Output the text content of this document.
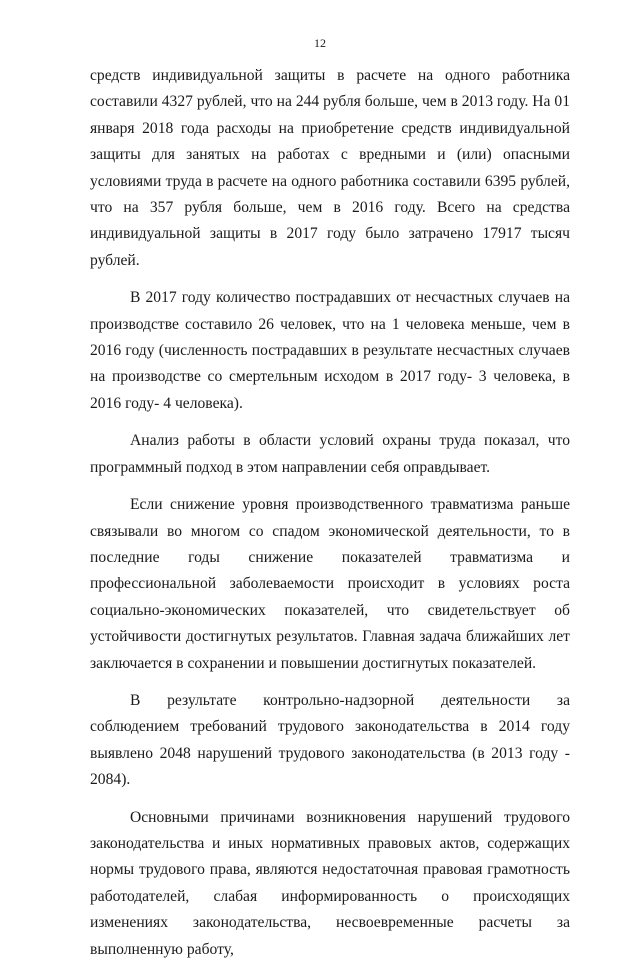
12

средств индивидуальной защиты в расчете на одного работника составили 4327 рублей, что на 244 рубля больше, чем в 2013 году. На 01 января 2018 года расходы на приобретение средств индивидуальной защиты для занятых на работах с вредными и (или) опасными условиями труда в расчете на одного работника составили 6395 рублей, что на 357 рубля больше, чем в 2016 году. Всего на средства индивидуальной защиты в 2017 году было затрачено 17917 тысяч рублей.

В 2017 году количество пострадавших от несчастных случаев на производстве составило 26 человек, что на 1 человека меньше, чем в 2016 году (численность пострадавших в результате несчастных случаев на производстве со смертельным исходом в 2017 году- 3 человека, в 2016 году- 4 человека).

Анализ работы в области условий охраны труда показал, что программный подход в этом направлении себя оправдывает.

Если снижение уровня производственного травматизма раньше связывали во многом со спадом экономической деятельности, то в последние годы снижение показателей травматизма и профессиональной заболеваемости происходит в условиях роста социально-экономических показателей, что свидетельствует об устойчивости достигнутых результатов. Главная задача ближайших лет заключается в сохранении и повышении достигнутых показателей.

В результате контрольно-надзорной деятельности за соблюдением требований трудового законодательства в 2014 году выявлено 2048 нарушений трудового законодательства (в 2013 году - 2084).

Основными причинами возникновения нарушений трудового законодательства и иных нормативных правовых актов, содержащих нормы трудового права, являются недостаточная правовая грамотность работодателей, слабая информированность о происходящих изменениях законодательства, несвоевременные расчеты за выполненную работу,
